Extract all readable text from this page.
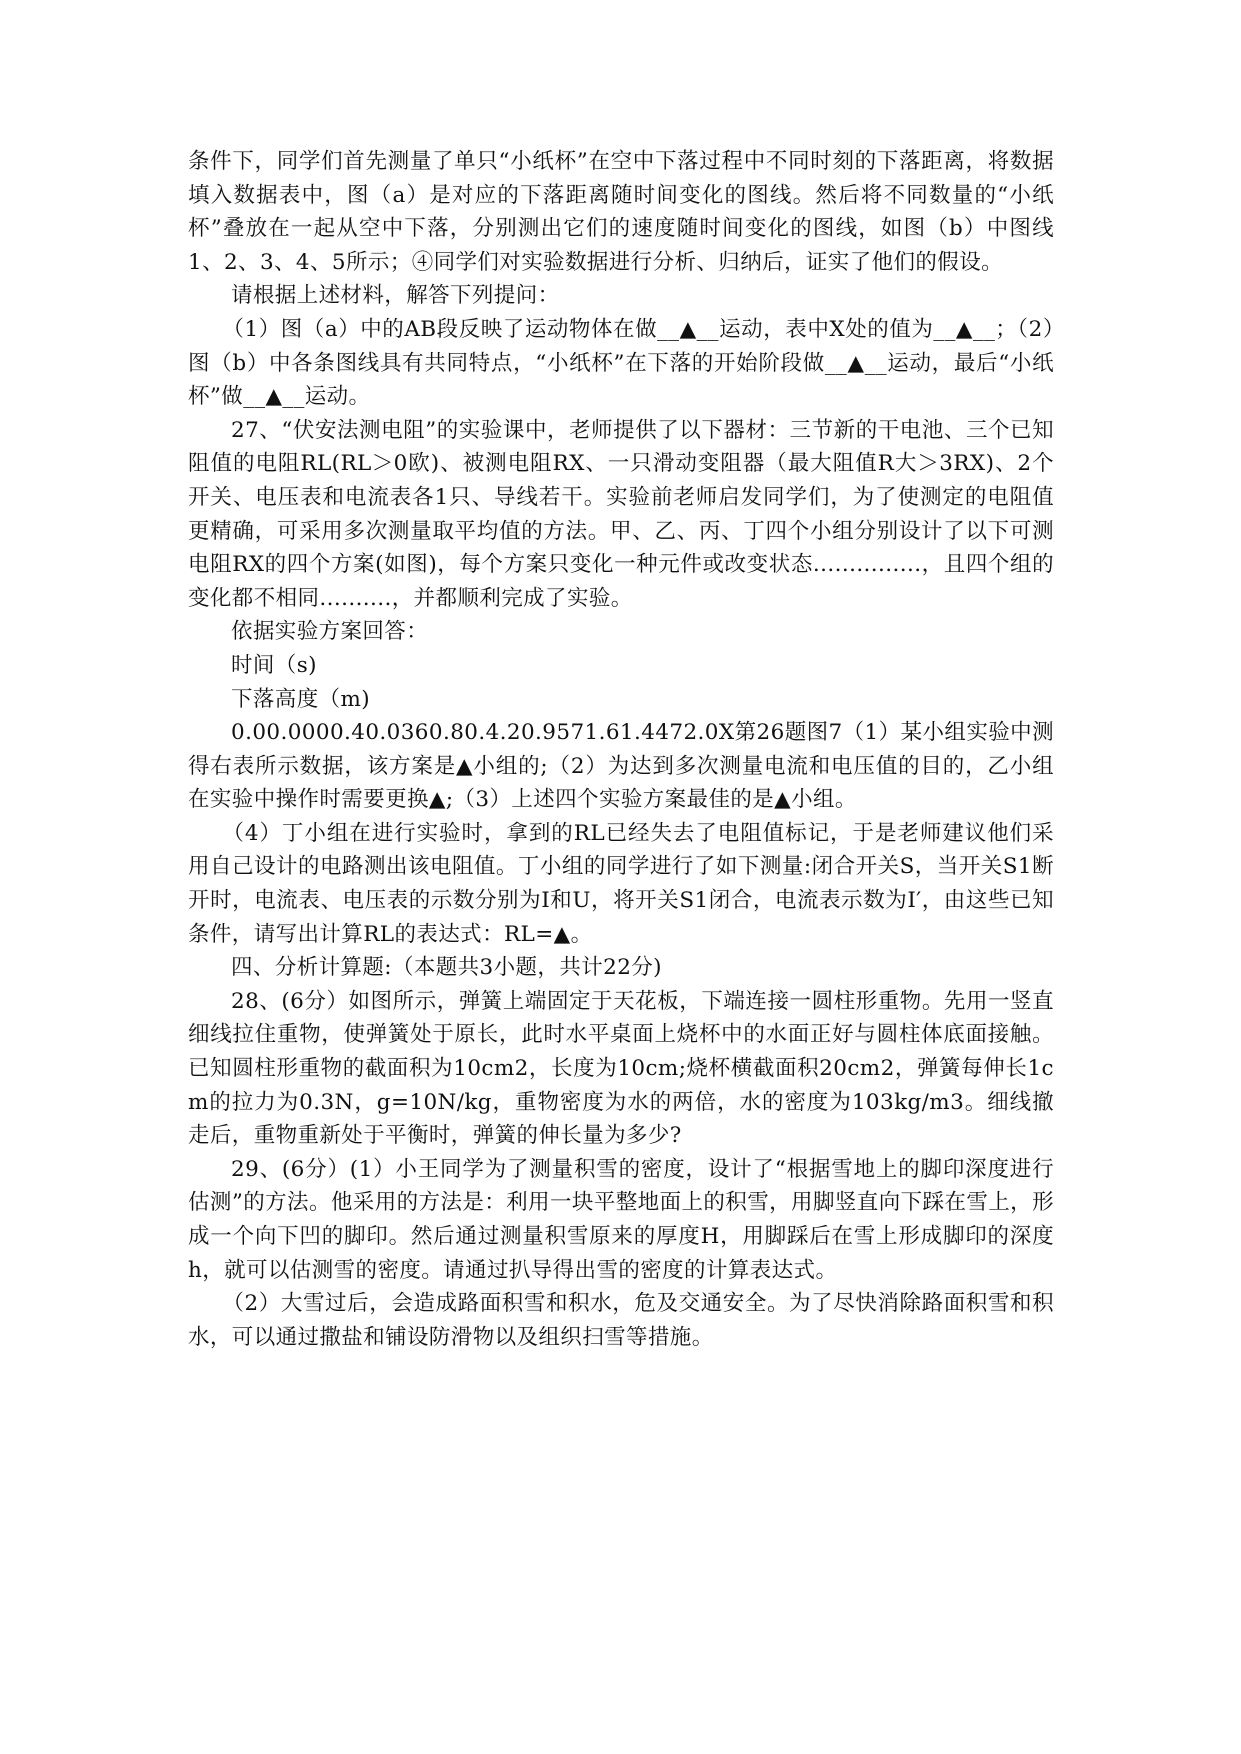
条件下，同学们首先测量了单只“小纸杯”在空中下落过程中不同时刻的下落距离，将数据填入数据表中，图（a）是对应的下落距离随时间变化的图线。然后将不同数量的“小纸杯”叠放在一起从空中下落，分别测出它们的速度随时间变化的图线，如图（b）中图线1、2、3、4、5所示；④同学们对实验数据进行分析、归纳后，证实了他们的假设。

请根据上述材料，解答下列提问：

（1）图（a）中的AB段反映了运动物体在做__▲__运动，表中X处的值为__▲__；（2）图（b）中各条图线具有共同特点，“小纸杯”在下落的开始阶段做__▲__运动，最后“小纸杯”做__▲__运动。

27、“伏安法测电阻”的实验课中，老师提供了以下器材：三节新的干电池、三个已知阻值的电阻RL(RL＞0欧)、被测电阻RX、一只滑动变阻器（最大阻值R大＞3RX)、2个开关、电压表和电流表各1只、导线若干。实验前老师启发同学们，为了使测定的电阻值更精确，可采用多次测量取平均值的方法。甲、乙、丙、丁四个小组分别设计了以下可测电阻RX的四个方案(如图)，每个方案只变化一种元件或改变状态...............，且四个组的变化都不相同..........，并都顺利完成了实验。

依据实验方案回答：

时间（s)

下落高度（m)

0.00.0000.40.0360.80.4.20.9571.61.4472.0X第26题图7（1）某小组实验中测得右表所示数据，该方案是▲小组的;（2）为达到多次测量电流和电压值的目的，乙小组在实验中操作时需要更换▲;（3）上述四个实验方案最佳的是▲小组。

（4）丁小组在进行实验时，拿到的RL已经失去了电阻值标记，于是老师建议他们采用自己设计的电路测出该电阻值。丁小组的同学进行了如下测量:闭合开关S，当开关S1断开时，电流表、电压表的示数分别为I和U，将开关S1闭合，电流表示数为I′，由这些已知条件，请写出计算RL的表达式：RL=▲。

四、分析计算题:（本题共3小题，共计22分)

28、(6分）如图所示，弹簧上端固定于天花板，下端连接一圆柱形重物。先用一竖直细线拉住重物，使弹簧处于原长，此时水平桌面上烧杯中的水面正好与圆柱体底面接触。已知圆柱形重物的截面积为10cm2，长度为10cm;烧杯横截面积20cm2，弹簧每伸长1cm的拉力为0.3N，g=10N/kg，重物密度为水的两倍，水的密度为103kg/m3。细线撤走后，重物重新处于平衡时，弹簧的伸长量为多少?

29、(6分）(1）小王同学为了测量积雪的密度，设计了“根据雪地上的脚印深度进行估测”的方法。他采用的方法是：利用一块平整地面上的积雪，用脚竖直向下踩在雪上，形成一个向下凹的脚印。然后通过测量积雪原来的厚度H，用脚踩后在雪上形成脚印的深度h，就可以估测雪的密度。请通过扒导得出雪的密度的计算表达式。

（2）大雪过后，会造成路面积雪和积水，危及交通安全。为了尽快消除路面积雪和积水，可以通过撒盐和铺设防滑物以及组织扫雪等措施。
